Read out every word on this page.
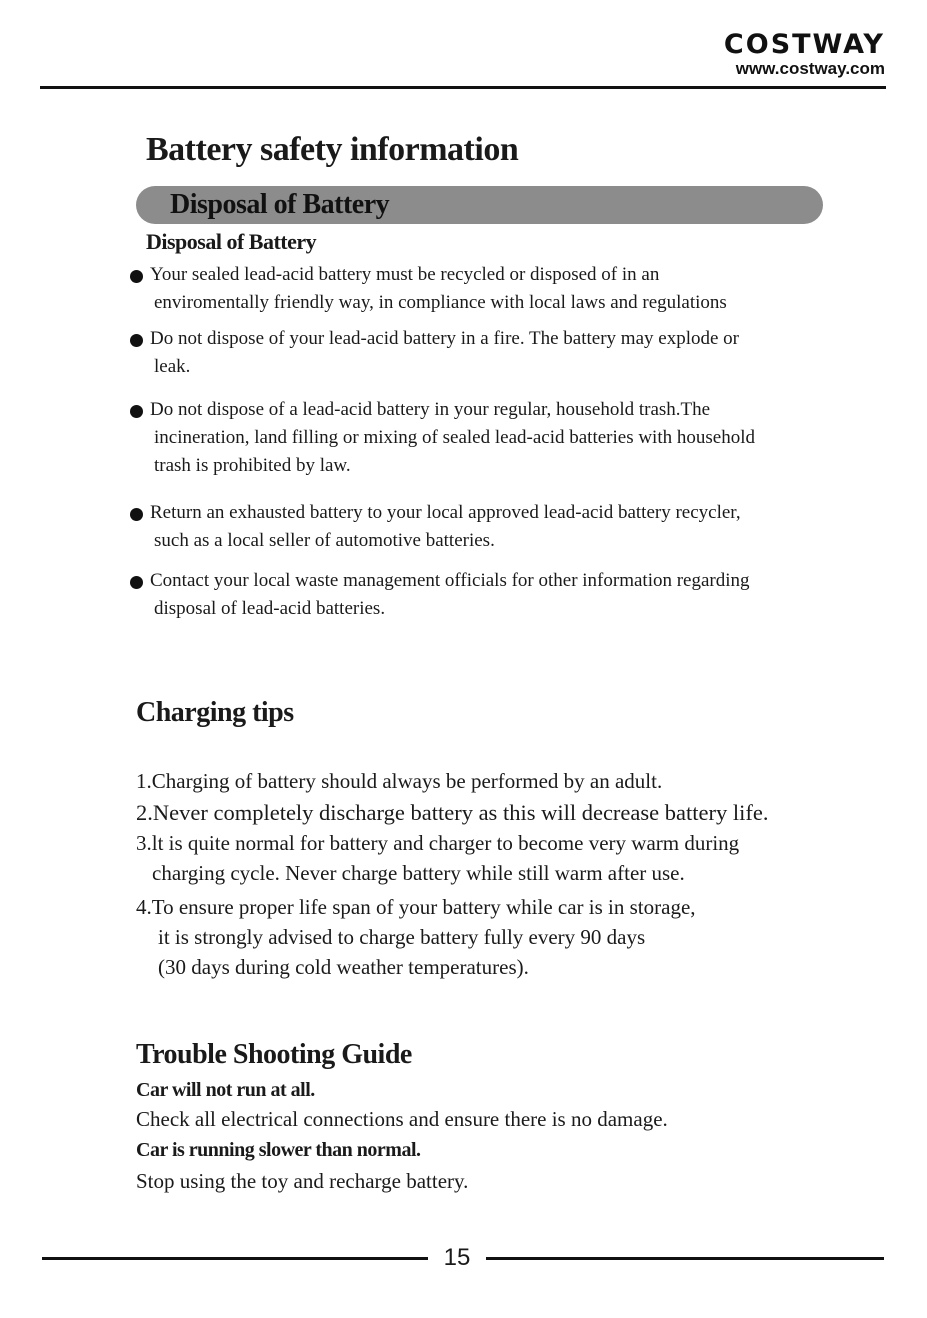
COSTWAY
www.costway.com
Battery safety information
Disposal of Battery
Disposal of Battery
Your sealed lead-acid battery must be recycled or disposed of in an
enviromentally friendly way, in compliance with local laws and regulations
Do not dispose of your lead-acid battery in a fire. The battery may explode or
leak.
Do not dispose of a lead-acid battery in your regular, household trash.The
incineration, land filling or mixing of sealed lead-acid batteries with household
trash is prohibited by law.
Return an exhausted battery to your local approved lead-acid battery recycler,
such as a local seller of automotive batteries.
Contact your local waste management officials for other information regarding
disposal of lead-acid batteries.
Charging tips
1.Charging of battery should always be performed by an adult.
2.Never completely discharge battery as this will decrease battery life.
3.lt is quite normal for battery and charger to become very warm during
charging cycle. Never charge battery while still warm after use.
4.To ensure proper life span of your battery while car is in storage,
it is strongly advised to charge battery fully every 90 days
(30 days during cold weather temperatures).
Trouble Shooting Guide
Car will not run at all.
Check all electrical connections and ensure there is no damage.
Car is running slower than normal.
Stop using the toy and recharge battery.
15
